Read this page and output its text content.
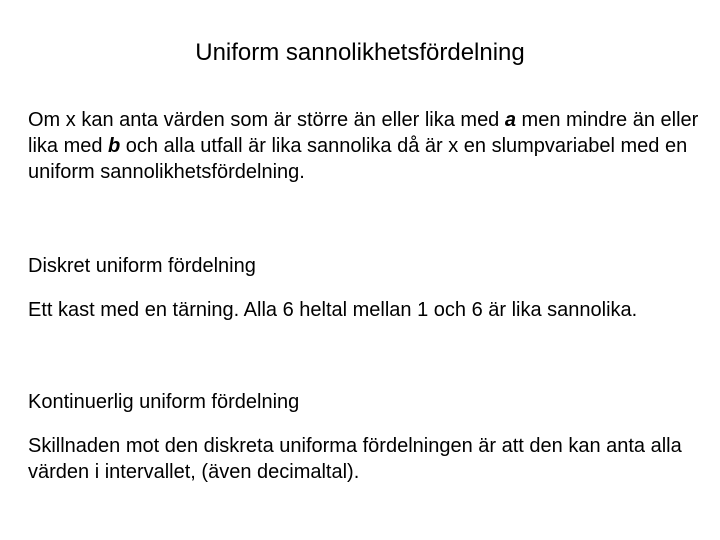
Uniform sannolikhetsfördelning

Om x kan anta värden som är större än eller lika med a men mindre än eller lika med b och alla utfall är lika sannolika då är x en slumpvariabel med en uniform sannolikhetsfördelning.

Diskret uniform fördelning

Ett kast med en tärning. Alla 6 heltal mellan 1 och 6 är lika sannolika.

Kontinuerlig uniform fördelning

Skillnaden mot den diskreta uniforma fördelningen är att den kan anta alla värden i intervallet, (även decimaltal).
